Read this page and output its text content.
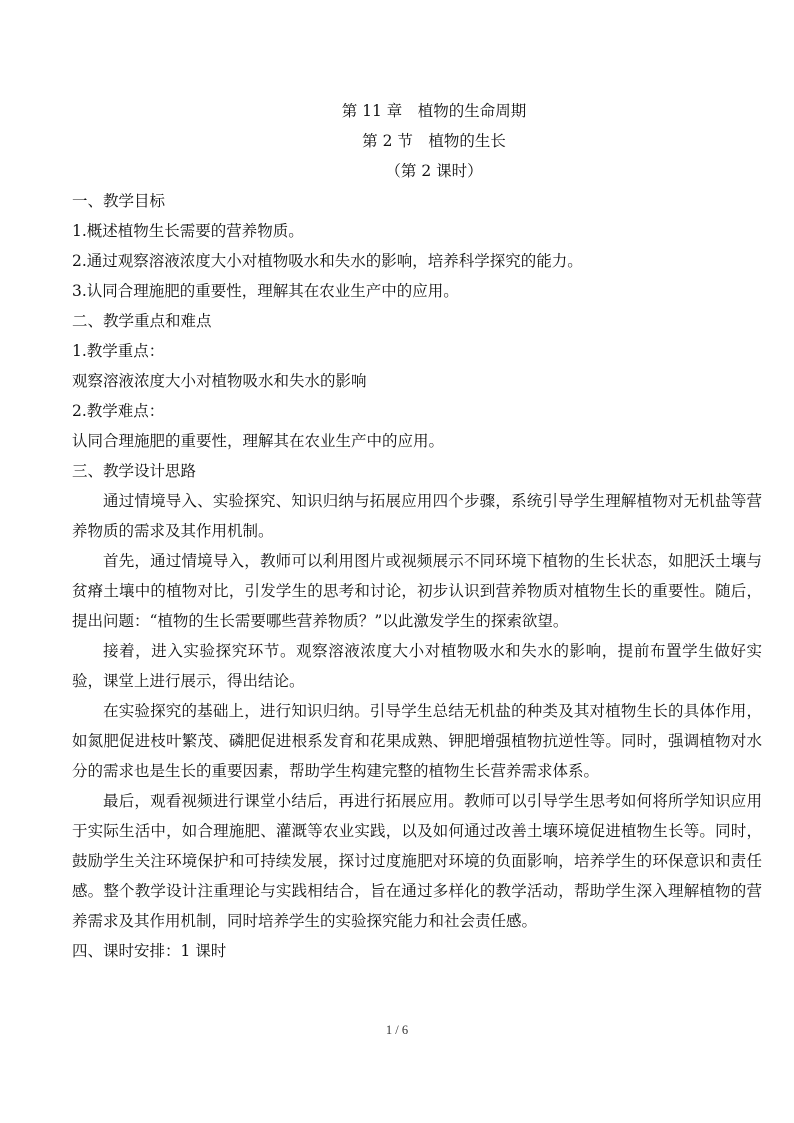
第 11 章　植物的生命周期

第 2 节　植物的生长

（第 2 课时）

一、教学目标

1.概述植物生长需要的营养物质。

2.通过观察溶液浓度大小对植物吸水和失水的影响，培养科学探究的能力。

3.认同合理施肥的重要性，理解其在农业生产中的应用。

二、教学重点和难点

1.教学重点：

观察溶液浓度大小对植物吸水和失水的影响

2.教学难点：

认同合理施肥的重要性，理解其在农业生产中的应用。

三、教学设计思路

通过情境导入、实验探究、知识归纳与拓展应用四个步骤，系统引导学生理解植物对无机盐等营养物质的需求及其作用机制。

首先，通过情境导入，教师可以利用图片或视频展示不同环境下植物的生长状态，如肥沃土壤与贫瘠土壤中的植物对比，引发学生的思考和讨论，初步认识到营养物质对植物生长的重要性。随后，提出问题：“植物的生长需要哪些营养物质？”以此激发学生的探索欲望。

接着，进入实验探究环节。观察溶液浓度大小对植物吸水和失水的影响，提前布置学生做好实验，课堂上进行展示，得出结论。

在实验探究的基础上，进行知识归纳。引导学生总结无机盐的种类及其对植物生长的具体作用，如氮肥促进枝叶繁茂、磷肥促进根系发育和花果成熟、钾肥增强植物抗逆性等。同时，强调植物对水分的需求也是生长的重要因素，帮助学生构建完整的植物生长营养需求体系。

最后，观看视频进行课堂小结后，再进行拓展应用。教师可以引导学生思考如何将所学知识应用于实际生活中，如合理施肥、灌溉等农业实践，以及如何通过改善土壤环境促进植物生长等。同时，鼓励学生关注环境保护和可持续发展，探讨过度施肥对环境的负面影响，培养学生的环保意识和责任感。整个教学设计注重理论与实践相结合，旨在通过多样化的教学活动，帮助学生深入理解植物的营养需求及其作用机制，同时培养学生的实验探究能力和社会责任感。

四、课时安排：1 课时

1 / 6
